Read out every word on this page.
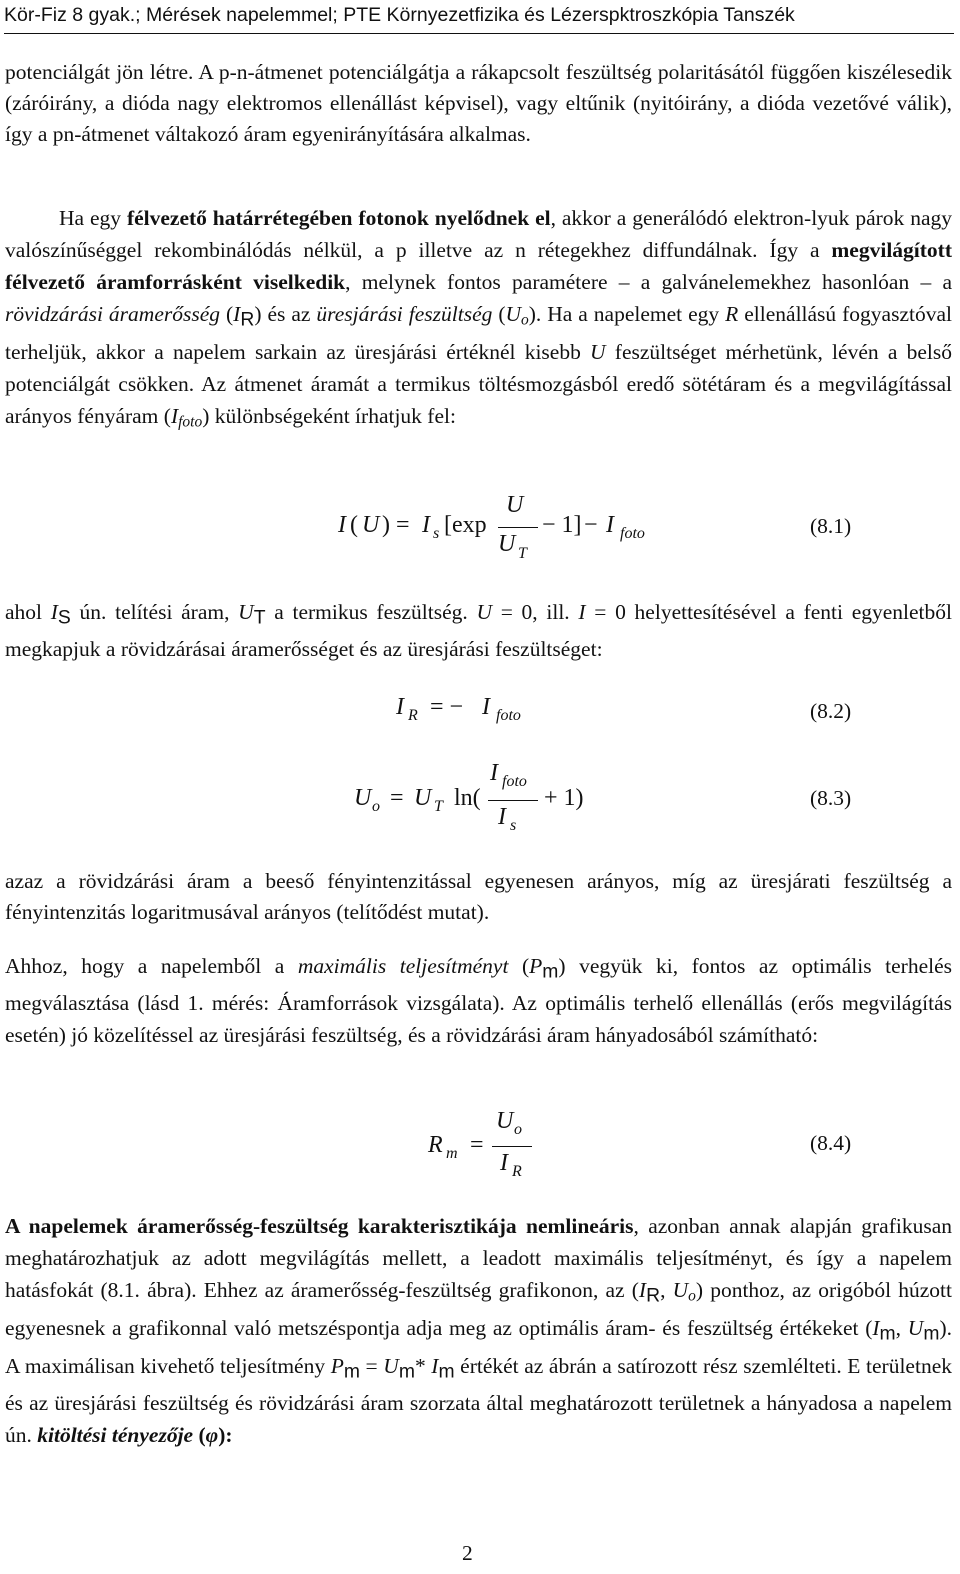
Kör-Fiz 8 gyak.; Mérések napelemmel; PTE Környezetfizika és Lézerspktroszkópia Tanszék

potenciálgát jön létre. A p-n-átmenet potenciálgátja a rákapcsolt feszültség polaritásától függően kiszélesedik (záróirány, a dióda nagy elektromos ellenállást képvisel), vagy eltűnik (nyitóirány, a dióda vezetővé válik), így a pn-átmenet váltakozó áram egyenirányítására alkalmas.

Ha egy félvezető határrétegében fotonok nyelődnek el, akkor a generálódó elektron-lyuk párok nagy valószínűséggel rekombinálódás nélkül, a p illetve az n rétegekhez diffundálnak. Így a megvilágított félvezető áramforrásként viselkedik, melynek fontos paramétere – a galvánelemekhez hasonlóan – a rövidzárási áramerősség (IR) és az üresjárási feszültség (Uo). Ha a napelemet egy R ellenállású fogyasztóval terheljük, akkor a napelem sarkain az üresjárási értéknél kisebb U feszültséget mérhetünk, lévén a belső potenciálgát csökken. Az átmenet áramát a termikus töltésmozgásból eredő sötétáram és a megvilágítással arányos fényáram (Ifoto) különbségeként írhatjuk fel:

I ( U ) = I s [exp
U
U T
− 1] − I foto	(8.1)

ahol IS ún. telítési áram, UT a termikus feszültség. U = 0, ill. I = 0 helyettesítésével a fenti egyenletből megkapjuk a rövidzárásai áramerősséget és az üresjárási feszültséget:

I R = − I foto	(8.2)
U o = U T ln(
I foto
I s
+ 1)	(8.3)

azaz a rövidzárási áram a beeső fényintenzitással egyenesen arányos, míg az üresjárati feszültség a fényintenzitás logaritmusával arányos (telítődést mutat).

Ahhoz, hogy a napelemből a maximális teljesítményt (Pm) vegyük ki, fontos az optimális terhelés megválasztása (lásd 1. mérés: Áramforrások vizsgálata). Az optimális terhelő ellenállás (erős megvilágítás esetén) jó közelítéssel az üresjárási feszültség, és a rövidzárási áram hányadosából számítható:

R m =
U o
I R
(8.4)

A napelemek áramerősség-feszültség karakterisztikája nemlineáris, azonban annak alapján grafikusan meghatározhatjuk az adott megvilágítás mellett, a leadott maximális teljesítményt, és így a napelem hatásfokát (8.1. ábra). Ehhez az áramerősség-feszültség grafikonon, az (IR, Uo) ponthoz, az origóból húzott egyenesnek a grafikonnal való metszéspontja adja meg az optimális áram- és feszültség értékeket (Im, Um). A maximálisan kivehető teljesítmény Pm = Um* Im értékét az ábrán a satírozott rész szemlélteti. E területnek és az üresjárási feszültség és rövidzárási áram szorzata által meghatározott területnek a hányadosa a napelem ún. kitöltési tényezője (φ):

2
